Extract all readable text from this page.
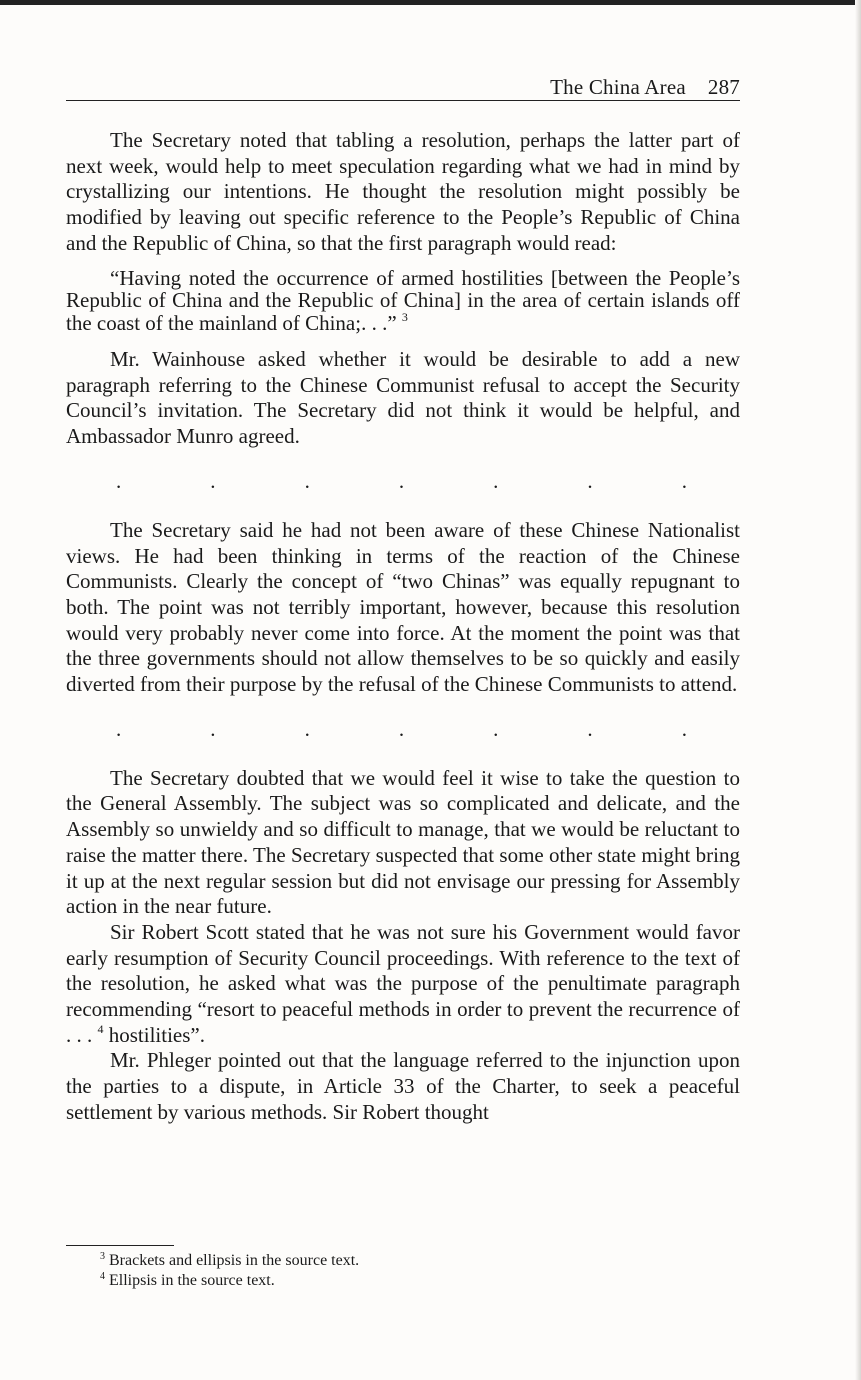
The China Area 287

The Secretary noted that tabling a resolution, perhaps the latter part of next week, would help to meet speculation regarding what we had in mind by crystallizing our intentions. He thought the resolution might possibly be modified by leaving out specific reference to the People’s Republic of China and the Republic of China, so that the first paragraph would read:

“Having noted the occurrence of armed hostilities [between the People’s Republic of China and the Republic of China] in the area of certain islands off the coast of the mainland of China;. . .” $^3$

Mr. Wainhouse asked whether it would be desirable to add a new paragraph referring to the Chinese Communist refusal to accept the Security Council’s invitation. The Secretary did not think it would be helpful, and Ambassador Munro agreed.

.	.	.	.	.	.	.

The Secretary said he had not been aware of these Chinese Nationalist views. He had been thinking in terms of the reaction of the Chinese Communists. Clearly the concept of “two Chinas” was equally repugnant to both. The point was not terribly important, however, because this resolution would very probably never come into force. At the moment the point was that the three governments should not allow themselves to be so quickly and easily diverted from their purpose by the refusal of the Chinese Communists to attend.

.	.	.	.	.	.	.

The Secretary doubted that we would feel it wise to take the question to the General Assembly. The subject was so complicated and delicate, and the Assembly so unwieldy and so difficult to manage, that we would be reluctant to raise the matter there. The Secretary suspected that some other state might bring it up at the next regular session but did not envisage our pressing for Assembly action in the near future.

Sir Robert Scott stated that he was not sure his Government would favor early resumption of Security Council proceedings. With reference to the text of the resolution, he asked what was the purpose of the penultimate paragraph recommending “resort to peaceful methods in order to prevent the recurrence of . . . $^4$ hostilities”.

Mr. Phleger pointed out that the language referred to the injunction upon the parties to a dispute, in Article 33 of the Charter, to seek a peaceful settlement by various methods. Sir Robert thought

$^3$ Brackets and ellipsis in the source text.
$^4$ Ellipsis in the source text.
